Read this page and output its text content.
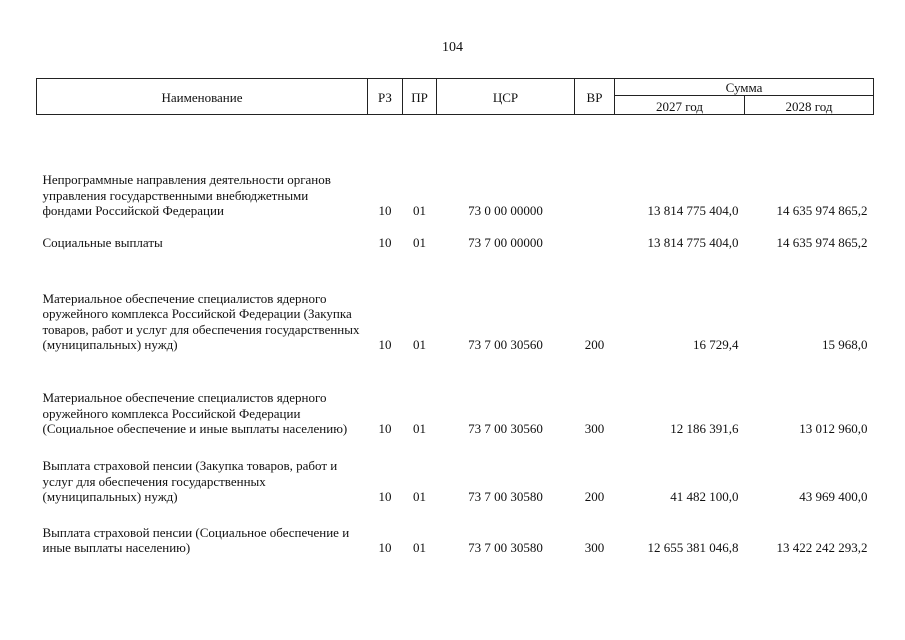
104
Наименование	РЗ	ПР	ЦСР	ВР	Сумма	
					2027 год	2028 год
Непрограммные направления деятельности органов управления государственными внебюджетными фондами Российской Федерации	10	01	73 0 00 00000		13 814 775 404,0	14 635 974 865,2
Социальные выплаты	10	01	73 7 00 00000		13 814 775 404,0	14 635 974 865,2
Материальное обеспечение специалистов ядерного оружейного комплекса Российской Федерации (Закупка товаров, работ и услуг для обеспечения государственных (муниципальных) нужд)	10	01	73 7 00 30560	200	16 729,4	15 968,0
Материальное обеспечение специалистов ядерного оружейного комплекса Российской Федерации (Социальное обеспечение и иные выплаты населению)	10	01	73 7 00 30560	300	12 186 391,6	13 012 960,0
Выплата страховой пенсии (Закупка товаров, работ и услуг для обеспечения государственных (муниципальных) нужд)	10	01	73 7 00 30580	200	41 482 100,0	43 969 400,0
Выплата страховой пенсии (Социальное обеспечение и иные выплаты населению)	10	01	73 7 00 30580	300	12 655 381 046,8	13 422 242 293,2
